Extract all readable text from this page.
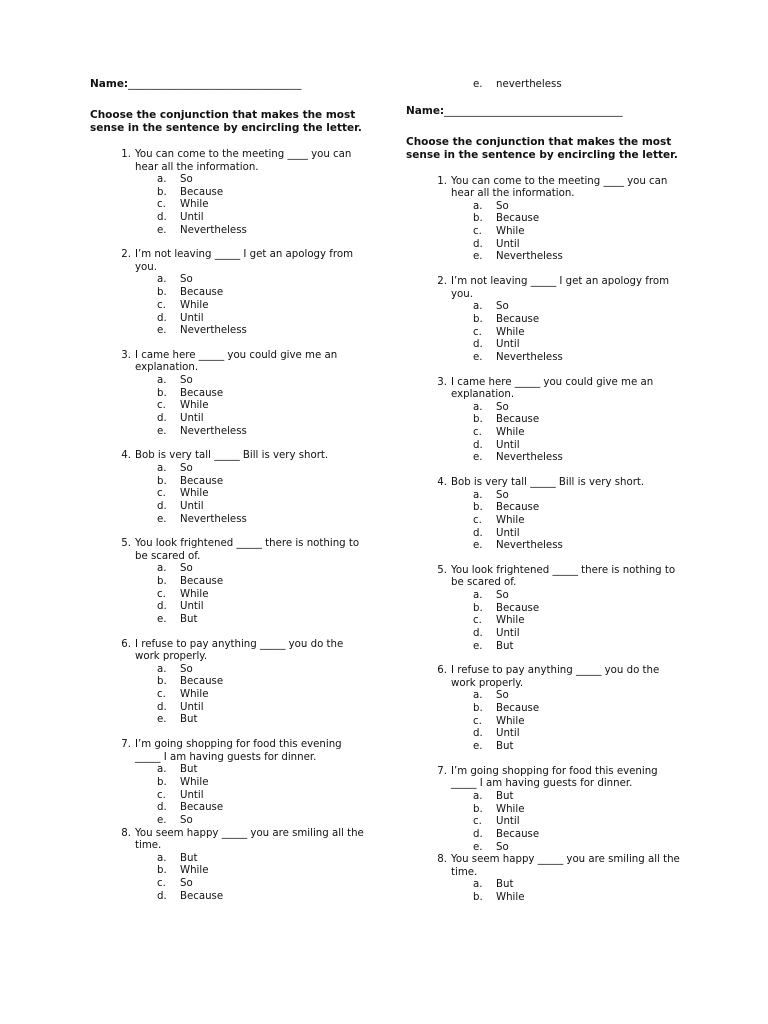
Name:_________________________________
Choose the conjunction that makes the most sense in the sentence by encircling the letter.
1. You can come to the meeting ____ you can hear all the information.
a. So
b. Because
c. While
d. Until
e. Nevertheless
2. I’m not leaving _____ I get an apology from you.
a. So
b. Because
c. While
d. Until
e. Nevertheless
3. I came here _____ you could give me an explanation.
a. So
b. Because
c. While
d. Until
e. Nevertheless
4. Bob is very tall _____ Bill is very short.
a. So
b. Because
c. While
d. Until
e. Nevertheless
5. You look frightened _____ there is nothing to be scared of.
a. So
b. Because
c. While
d. Until
e. But
6. I refuse to pay anything _____ you do the work properly.
a. So
b. Because
c. While
d. Until
e. But
7. I’m going shopping for food this evening _____ I am having guests for dinner.
a. But
b. While
c. Until
d. Because
e. So
8. You seem happy _____ you are smiling all the time.
a. But
b. While
c. So
d. Because
e. nevertheless
Name:__________________________________
Choose the conjunction that makes the most sense in the sentence by encircling the letter.
1. You can come to the meeting ____ you can hear all the information.
a. So
b. Because
c. While
d. Until
e. Nevertheless
2. I’m not leaving _____ I get an apology from you.
a. So
b. Because
c. While
d. Until
e. Nevertheless
3. I came here _____ you could give me an explanation.
a. So
b. Because
c. While
d. Until
e. Nevertheless
4. Bob is very tall _____ Bill is very short.
a. So
b. Because
c. While
d. Until
e. Nevertheless
5. You look frightened _____ there is nothing to be scared of.
a. So
b. Because
c. While
d. Until
e. But
6. I refuse to pay anything _____ you do the work properly.
a. So
b. Because
c. While
d. Until
e. But
7. I’m going shopping for food this evening _____ I am having guests for dinner.
a. But
b. While
c. Until
d. Because
e. So
8. You seem happy _____ you are smiling all the time.
a. But
b. While
